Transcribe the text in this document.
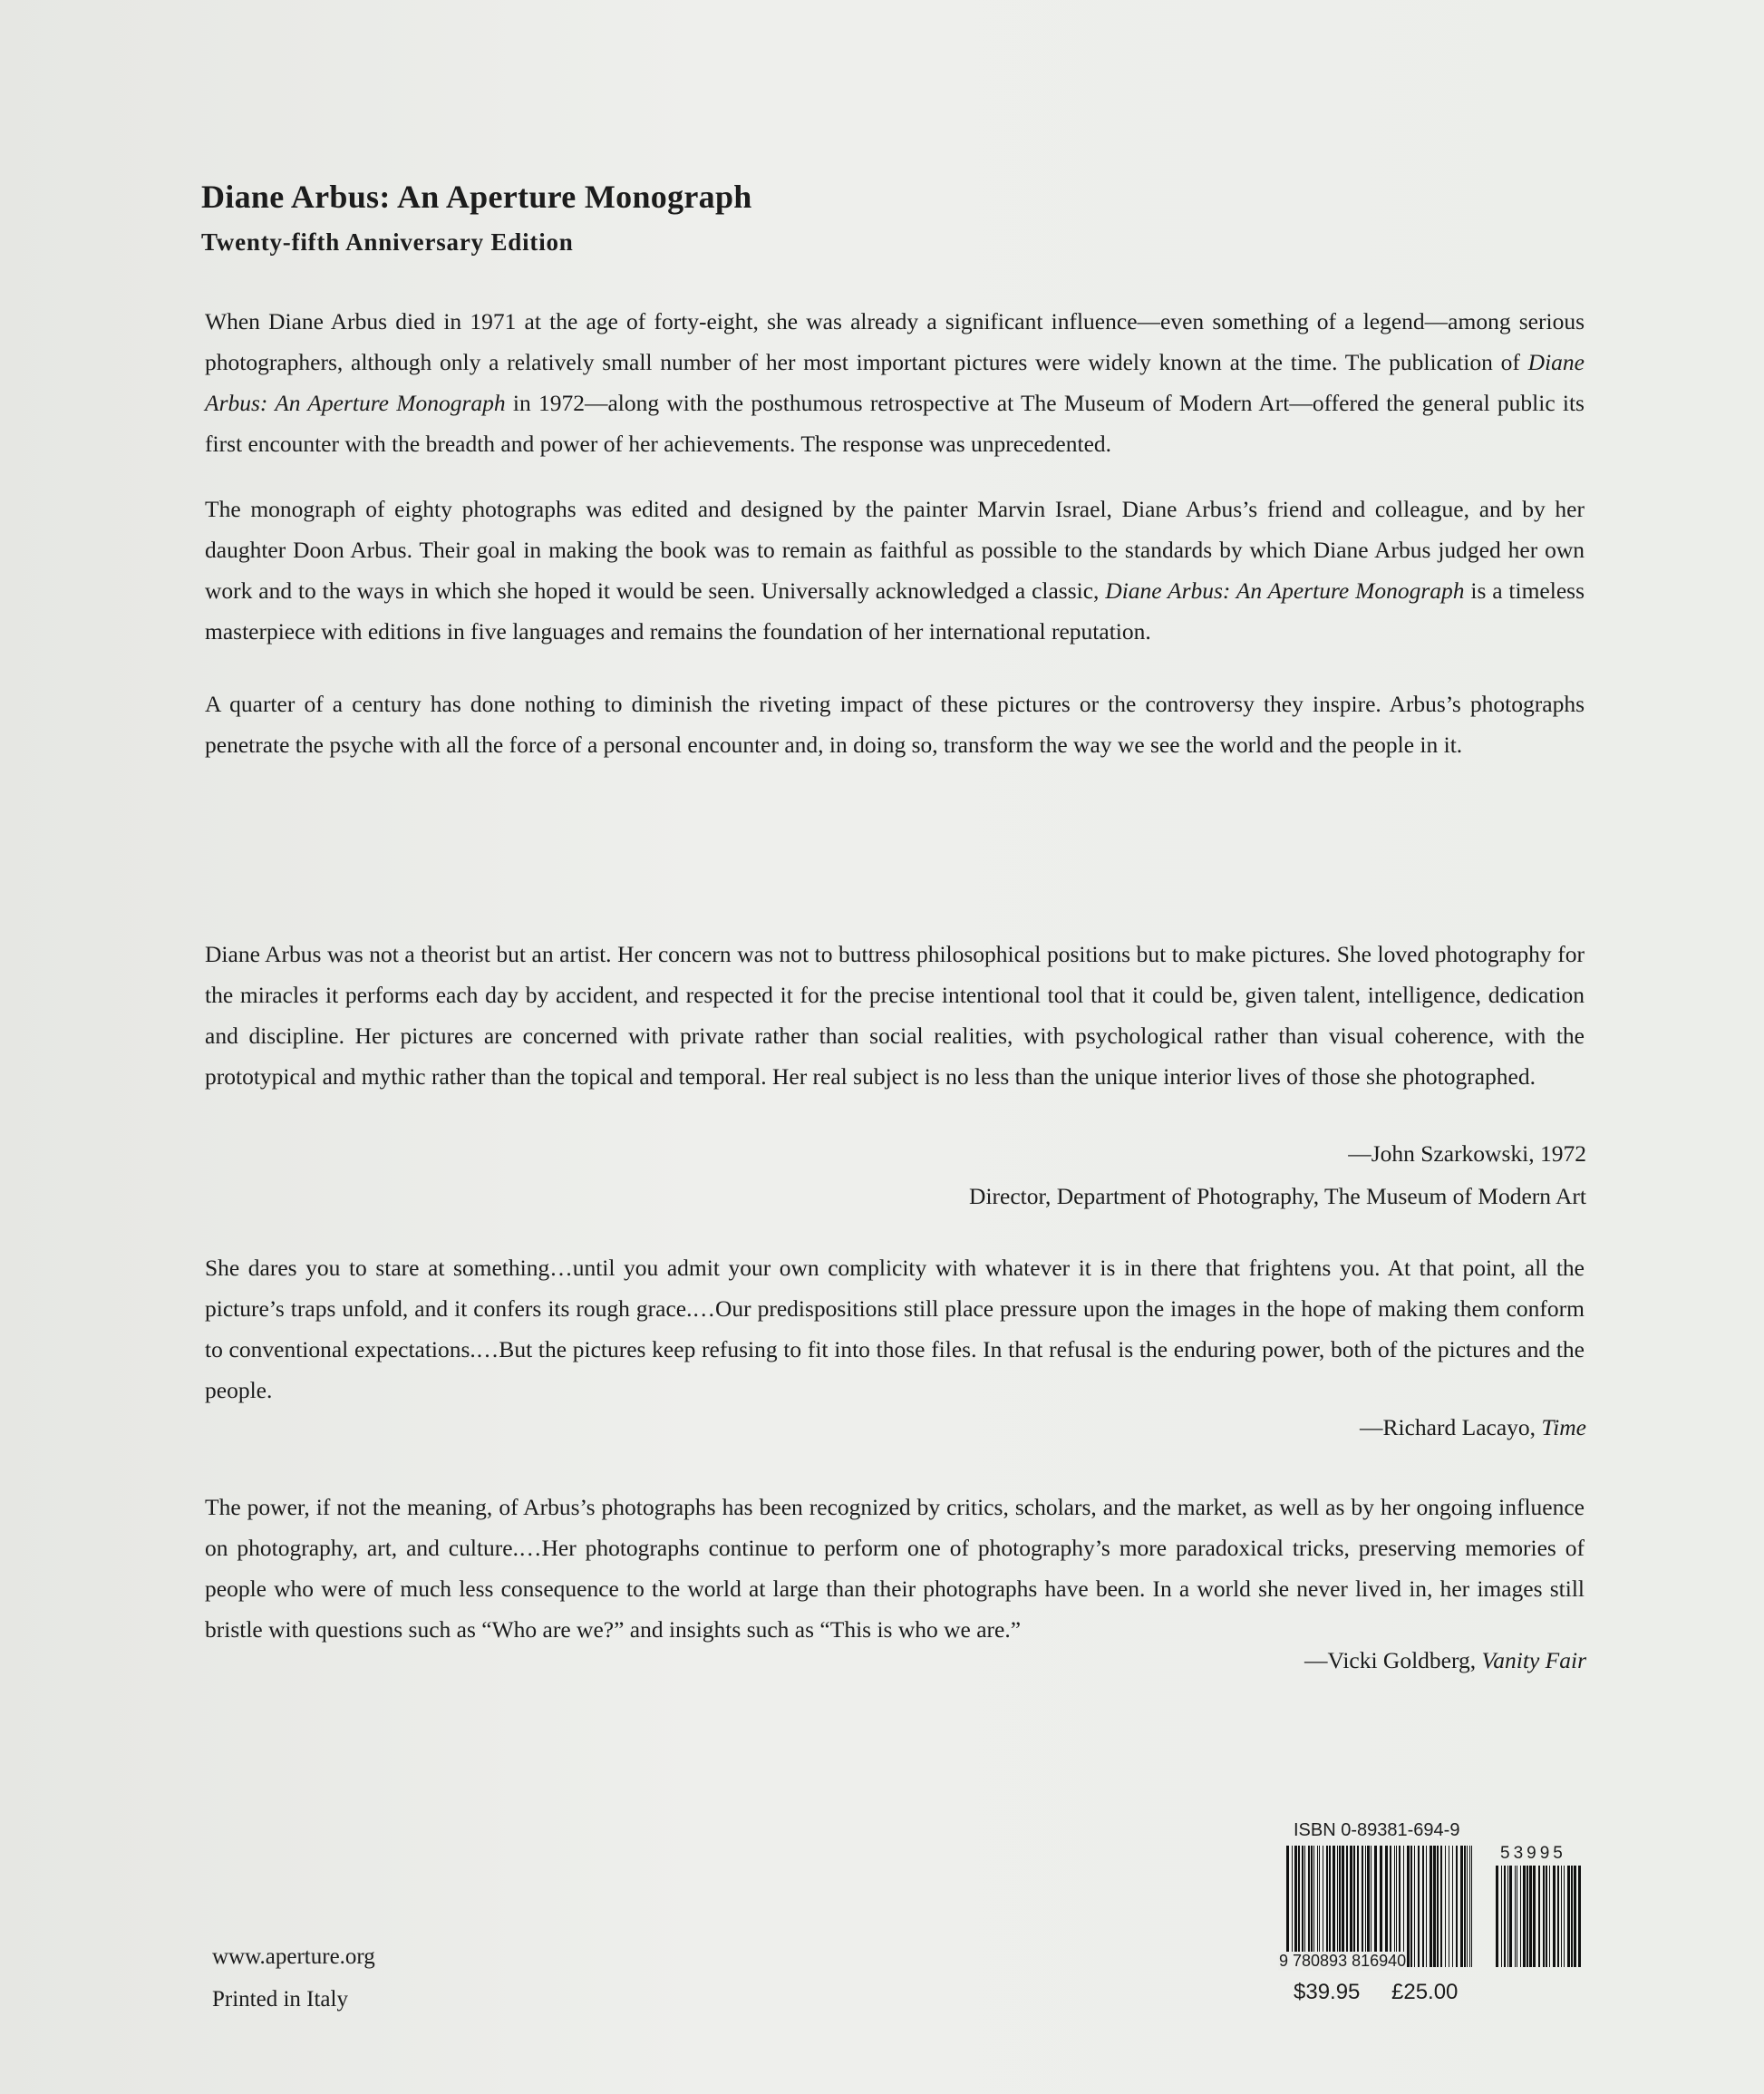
Diane Arbus: An Aperture Monograph
Twenty-fifth Anniversary Edition

When Diane Arbus died in 1971 at the age of forty-eight, she was already a significant influence—even something of a legend—among serious photographers, although only a relatively small number of her most important pictures were widely known at the time. The publication of Diane Arbus: An Aperture Monograph in 1972—along with the posthumous retrospective at The Museum of Modern Art—offered the general public its first encounter with the breadth and power of her achievements. The response was unprecedented.

The monograph of eighty photographs was edited and designed by the painter Marvin Israel, Diane Arbus’s friend and colleague, and by her daughter Doon Arbus. Their goal in making the book was to remain as faithful as possible to the standards by which Diane Arbus judged her own work and to the ways in which she hoped it would be seen. Universally acknowledged a classic, Diane Arbus: An Aperture Monograph is a timeless masterpiece with editions in five languages and remains the foundation of her international reputation.

A quarter of a century has done nothing to diminish the riveting impact of these pictures or the controversy they inspire. Arbus’s photographs penetrate the psyche with all the force of a personal encounter and, in doing so, transform the way we see the world and the people in it.
Diane Arbus was not a theorist but an artist. Her concern was not to buttress philosophical positions but to make pictures. She loved photography for the miracles it performs each day by accident, and respected it for the precise intentional tool that it could be, given talent, intelligence, dedication and discipline. Her pictures are concerned with private rather than social realities, with psychological rather than visual coherence, with the prototypical and mythic rather than the topical and temporal. Her real subject is no less than the unique interior lives of those she photographed.
—John Szarkowski, 1972
Director, Department of Photography, The Museum of Modern Art
She dares you to stare at something…until you admit your own complicity with whatever it is in there that frightens you. At that point, all the picture’s traps unfold, and it confers its rough grace.…Our predispositions still place pressure upon the images in the hope of making them conform to conventional expectations.…But the pictures keep refusing to fit into those files. In that refusal is the enduring power, both of the pictures and the people.
—Richard Lacayo, Time
The power, if not the meaning, of Arbus’s photographs has been recognized by critics, scholars, and the market, as well as by her ongoing influence on photography, art, and culture.…Her photographs continue to perform one of photography’s more paradoxical tricks, preserving memories of people who were of much less consequence to the world at large than their photographs have been. In a world she never lived in, her images still bristle with questions such as “Who are we?” and insights such as “This is who we are.”
—Vicki Goldberg, Vanity Fair
www.aperture.org
Printed in Italy
ISBN 0-89381-694-9
53995
9 780893 816940
$39.95 £25.00
